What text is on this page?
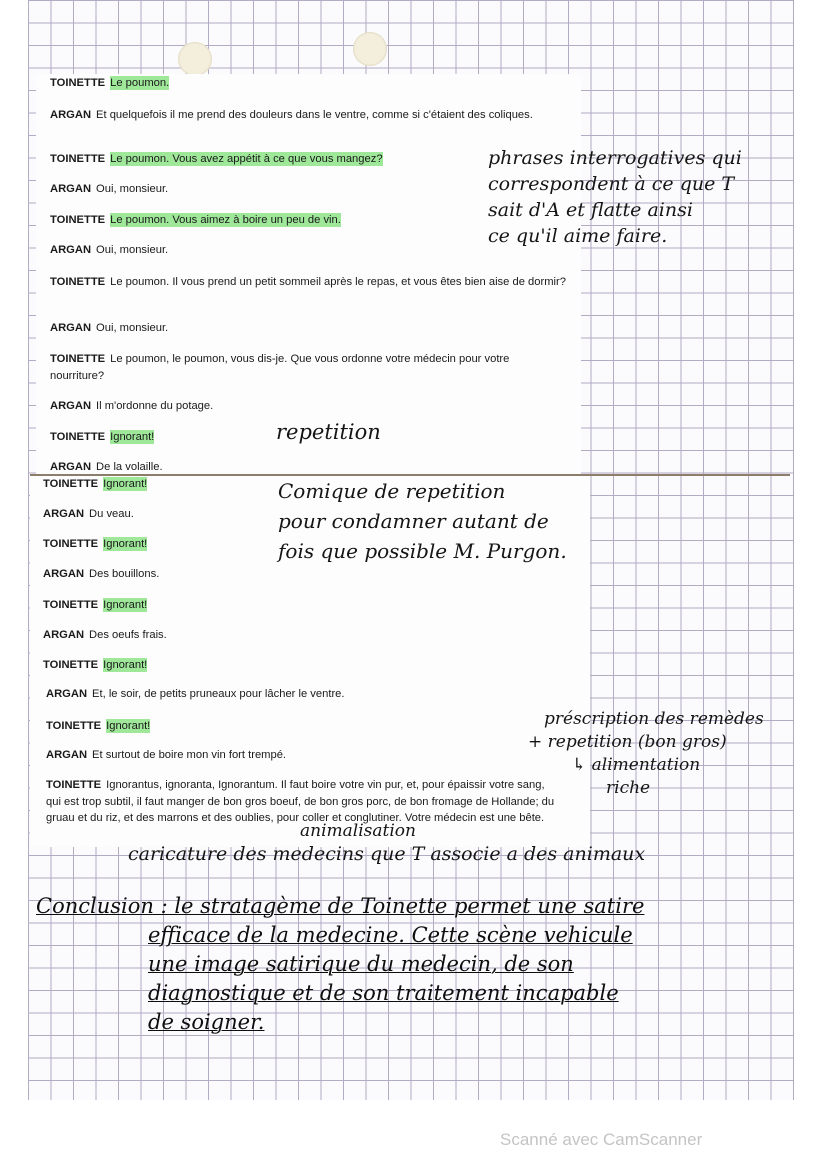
TOINETTE Le poumon.
ARGAN Et quelquefois il me prend des douleurs dans le ventre, comme si c'étaient des coliques.
TOINETTE Le poumon. Vous avez appétit à ce que vous mangez?
ARGAN Oui, monsieur.
TOINETTE Le poumon. Vous aimez à boire un peu de vin.
ARGAN Oui, monsieur.
TOINETTE Le poumon. Il vous prend un petit sommeil après le repas, et vous êtes bien aise de dormir?
ARGAN Oui, monsieur.
TOINETTE Le poumon, le poumon, vous dis-je. Que vous ordonne votre médecin pour votre nourriture?
ARGAN Il m'ordonne du potage.
TOINETTE Ignorant!
ARGAN De la volaille.
TOINETTE Ignorant!
ARGAN Du veau.
TOINETTE Ignorant!
ARGAN Des bouillons.
TOINETTE Ignorant!
ARGAN Des oeufs frais.
TOINETTE Ignorant!
ARGAN Et, le soir, de petits pruneaux pour lâcher le ventre.
TOINETTE Ignorant!
ARGAN Et surtout de boire mon vin fort trempé.
TOINETTE Ignorantus, ignoranta, Ignorantum. Il faut boire votre vin pur, et, pour épaissir votre sang, qui est trop subtil, il faut manger de bon gros boeuf, de bon gros porc, de bon fromage de Hollande; du gruau et du riz, et des marrons et des oublies, pour coller et conglutiner. Votre médecin est une bête.
phrases interrogatives qui
correspondent à ce que T
sait d'A et flatte ainsi
ce qu'il aime faire.
repetition
Comique de repetition
pour condamner autant de
fois que possible M. Purgon.
préscription des remèdes
+ repetition (bon gros)
↳ alimentation
riche
animalisation
caricature des medecins que T associe a des animaux
Conclusion : le stratagème de Toinette permet une satire
efficace de la medecine. Cette scène vehicule
une image satirique du medecin, de son
diagnostique et de son traitement incapable
de soigner.
Scanné avec CamScanner
